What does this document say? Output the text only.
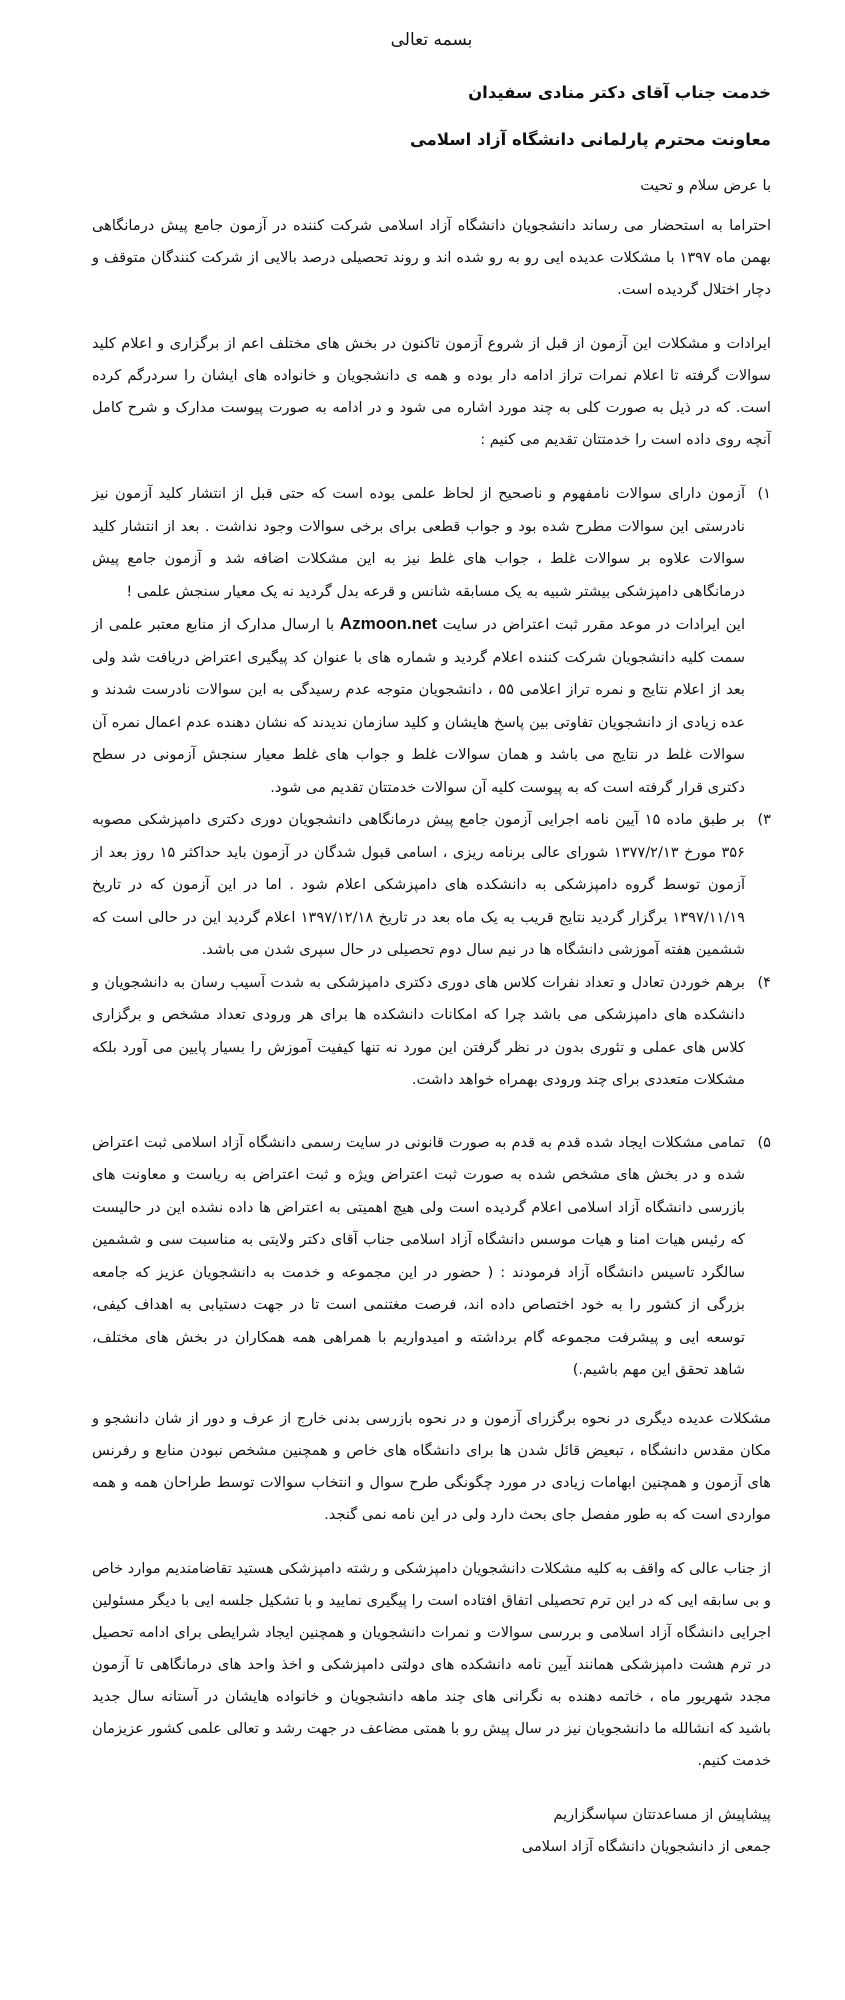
بسمه تعالی
خدمت جناب آقای دکتر منادی سفیدان
معاونت محترم پارلمانی دانشگاه آزاد اسلامی
با عرض سلام و تحیت

احتراما به استحضار می رساند دانشجویان دانشگاه آزاد اسلامی شرکت کننده در آزمون جامع پیش درمانگاهی بهمن ماه ۱۳۹۷ با مشکلات عدیده ایی رو به رو شده اند و روند تحصیلی درصد بالایی از شرکت کنندگان متوقف و دچار اختلال گردیده است.

ایرادات و مشکلات این آزمون از قبل از شروع آزمون تاکنون در بخش های مختلف اعم از برگزاری و اعلام کلید سوالات گرفته تا اعلام نمرات تراز ادامه دار بوده و همه ی دانشجویان و خانواده های ایشان را سردرگم کرده است. که در ذیل به صورت کلی به چند مورد اشاره می شود و در ادامه به صورت پیوست مدارک و شرح کامل آنچه روی داده است را خدمتتان تقدیم می کنیم :

۱)

آزمون دارای سوالات نامفهوم و ناصحیح از لحاظ علمی بوده است که حتی قبل از انتشار کلید آزمون نیز نادرستی این سوالات مطرح شده بود و جواب قطعی برای برخی سوالات وجود نداشت . بعد از انتشار کلید سوالات علاوه بر سوالات غلط ، جواب های غلط نیز به این مشکلات اضافه شد و آزمون جامع پیش درمانگاهی دامپزشکی بیشتر شبیه به یک مسابقه شانس و قرعه بدل گردید نه یک معیار سنجش علمی !

این ایرادات در موعد مقرر ثبت اعتراض در سایت Azmoon.net با ارسال مدارک از منابع معتبر علمی از سمت کلیه دانشجویان شرکت کننده اعلام گردید و شماره های با عنوان کد پیگیری اعتراض دریافت شد ولی بعد از اعلام نتایج و نمره تراز اعلامی ۵۵ ، دانشجویان متوجه عدم رسیدگی به این سوالات نادرست شدند و عده زیادی از دانشجویان تفاوتی بین پاسخ هایشان و کلید سازمان ندیدند که نشان دهنده عدم اعمال نمره آن سوالات غلط در نتایج می باشد و همان سوالات غلط و جواب های غلط معیار سنجش آزمونی در سطح دکتری قرار گرفته است که به پیوست کلیه آن سوالات خدمتتان تقدیم می شود.

۳)

بر طبق ماده ۱۵ آیین نامه اجرایی آزمون جامع پیش درمانگاهی دانشجویان دوری دکتری دامپزشکی مصوبه ۳۵۶ مورخ ۱۳۷۷/۲/۱۳ شورای عالی برنامه ریزی ، اسامی قبول شدگان در آزمون باید حداکثر ۱۵ روز بعد از آزمون توسط گروه دامپزشکی به دانشکده های دامپزشکی اعلام شود . اما در این آزمون که در تاریخ ۱۳۹۷/۱۱/۱۹ برگزار گردید نتایج قریب به یک ماه بعد در تاریخ ۱۳۹۷/۱۲/۱۸ اعلام گردید این در حالی است که ششمین هفته آموزشی دانشگاه ها در نیم سال دوم تحصیلی در حال سپری شدن می باشد.

۴)

برهم خوردن تعادل و تعداد نفرات کلاس های دوری دکتری دامپزشکی به شدت آسیب رسان به دانشجویان و دانشکده های دامپزشکی می باشد چرا که امکانات دانشکده ها برای هر ورودی تعداد مشخص و برگزاری کلاس های عملی و تئوری بدون در نظر گرفتن این مورد نه تنها کیفیت آموزش را بسیار پایین می آورد بلکه مشکلات متعددی برای چند ورودی بهمراه خواهد داشت.

۵)

تمامی مشکلات ایجاد شده قدم به قدم به صورت قانونی در سایت رسمی دانشگاه آزاد اسلامی ثبت اعتراض شده و در بخش های مشخص شده به صورت ثبت اعتراض ویژه و ثبت اعتراض به ریاست و معاونت های بازرسی دانشگاه آزاد اسلامی اعلام گردیده است ولی هیچ اهمیتی به اعتراض ها داده نشده این در حالیست که رئیس هیات امنا و هیات موسس دانشگاه آزاد اسلامی جناب آقای دکتر ولایتی به مناسبت سی و ششمین سالگرد تاسیس دانشگاه آزاد فرمودند : ( حضور در این مجموعه و خدمت به دانشجویان عزیز که جامعه بزرگی از کشور را به خود اختصاص داده اند، فرصت مغتنمی است تا در جهت دستیابی به اهداف کیفی، توسعه ایی و پیشرفت مجموعه گام برداشته و امیدواریم با همراهی همه همکاران در بخش های مختلف، شاهد تحقق این مهم باشیم.)

مشکلات عدیده دیگری در نحوه برگزرای آزمون و در نحوه بازرسی بدنی خارج از عرف و دور از شان دانشجو و مکان مقدس دانشگاه ، تبعیض قائل شدن ها برای دانشگاه های خاص و همچنین مشخص نبودن منابع و رفرنس های آزمون و همچنین ابهامات زیادی در مورد چگونگی طرح سوال و انتخاب سوالات توسط طراحان همه و همه مواردی است که به طور مفصل جای بحث دارد ولی در این نامه نمی گنجد.

از جناب عالی که واقف به کلیه مشکلات دانشجویان دامپزشکی و رشته دامپزشکی هستید تقاضامندیم موارد خاص و بی سابقه ایی که در این ترم تحصیلی اتفاق افتاده است را پیگیری نمایید و با تشکیل جلسه ایی با دیگر مسئولین اجرایی دانشگاه آزاد اسلامی و بررسی سوالات و نمرات دانشجویان و همچنین ایجاد شرایطی برای ادامه تحصیل در ترم هشت دامپزشکی همانند آیین نامه دانشکده های دولتی دامپزشکی و اخذ واحد های درمانگاهی تا آزمون مجدد شهریور ماه ، خاتمه دهنده به نگرانی های چند ماهه دانشجویان و خانواده هایشان در آستانه سال جدید باشید که انشالله ما دانشجویان نیز در سال پیش رو با همتی مضاعف در جهت رشد و تعالی علمی کشور عزیزمان خدمت کنیم.

پیشاپیش از مساعدتتان سپاسگزاریم
جمعی از دانشجویان دانشگاه آزاد اسلامی
